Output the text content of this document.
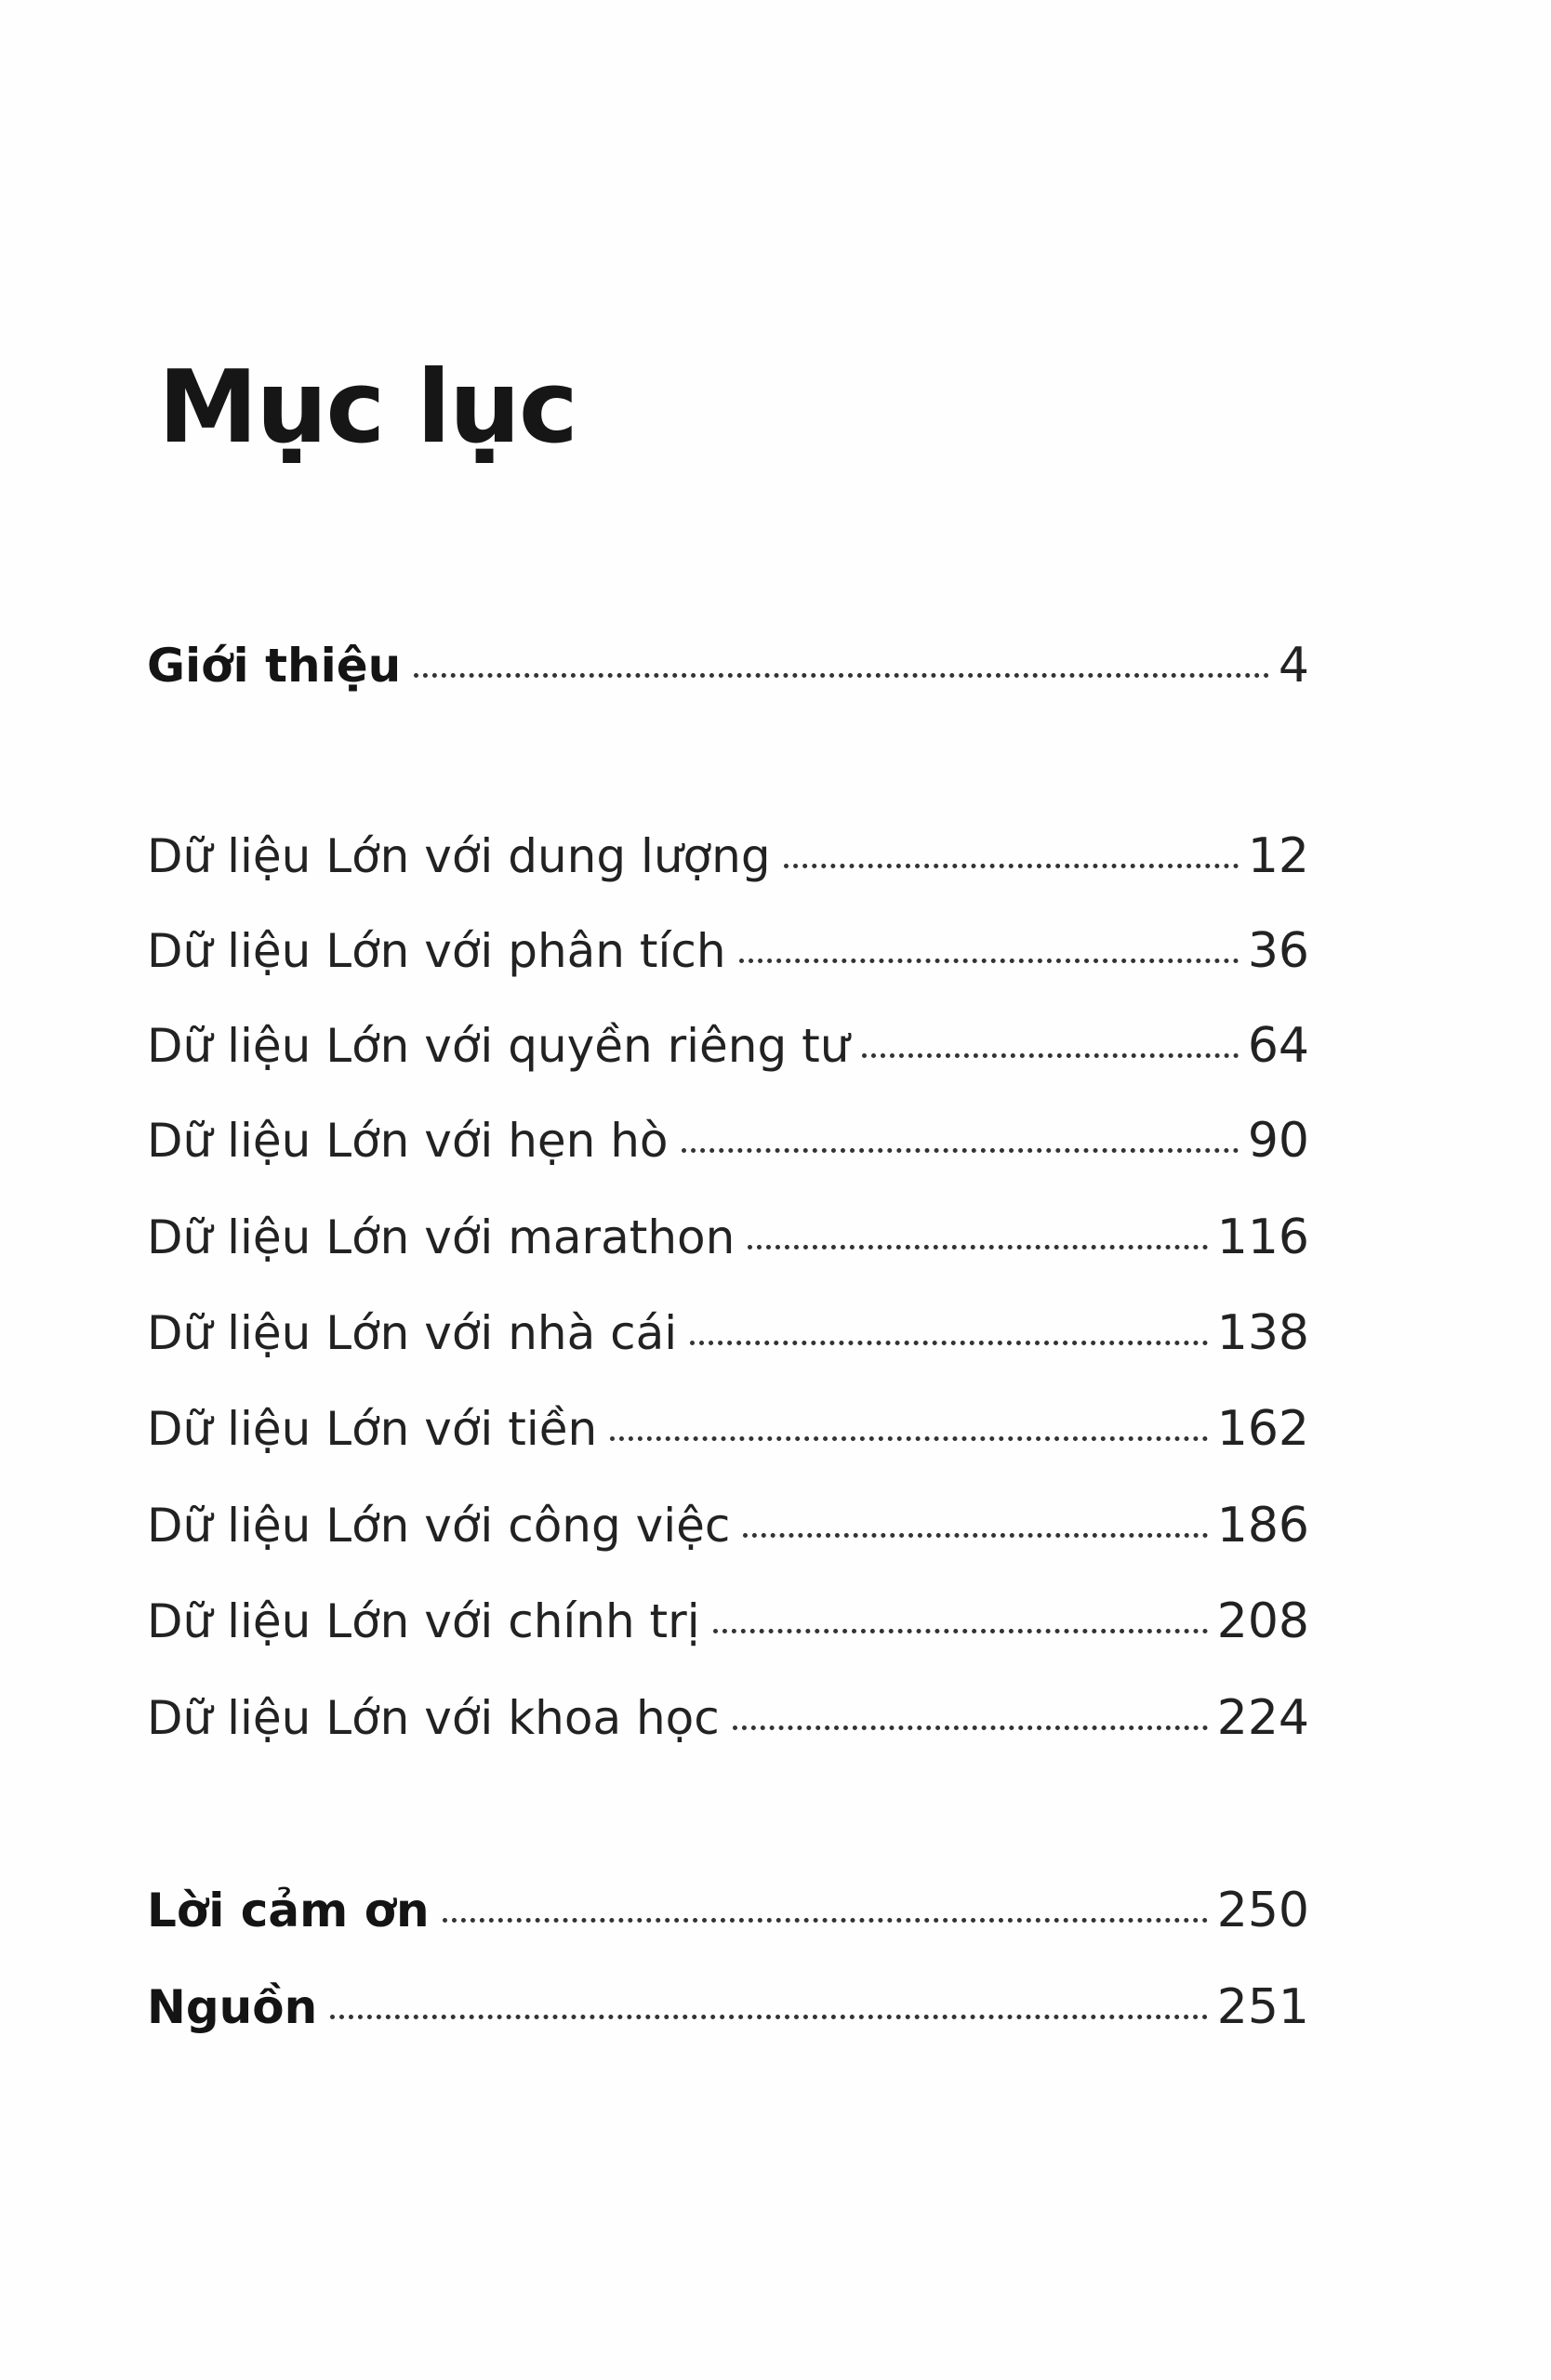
Mục lục
Giới thiệu	4
Dữ liệu Lớn với dung lượng	12
Dữ liệu Lớn với phân tích	36
Dữ liệu Lớn với quyền riêng tư	64
Dữ liệu Lớn với hẹn hò	90
Dữ liệu Lớn với marathon	116
Dữ liệu Lớn với nhà cái	138
Dữ liệu Lớn với tiền	162
Dữ liệu Lớn với công việc	186
Dữ liệu Lớn với chính trị	208
Dữ liệu Lớn với khoa học	224
Lời cảm ơn	250
Nguồn	251
